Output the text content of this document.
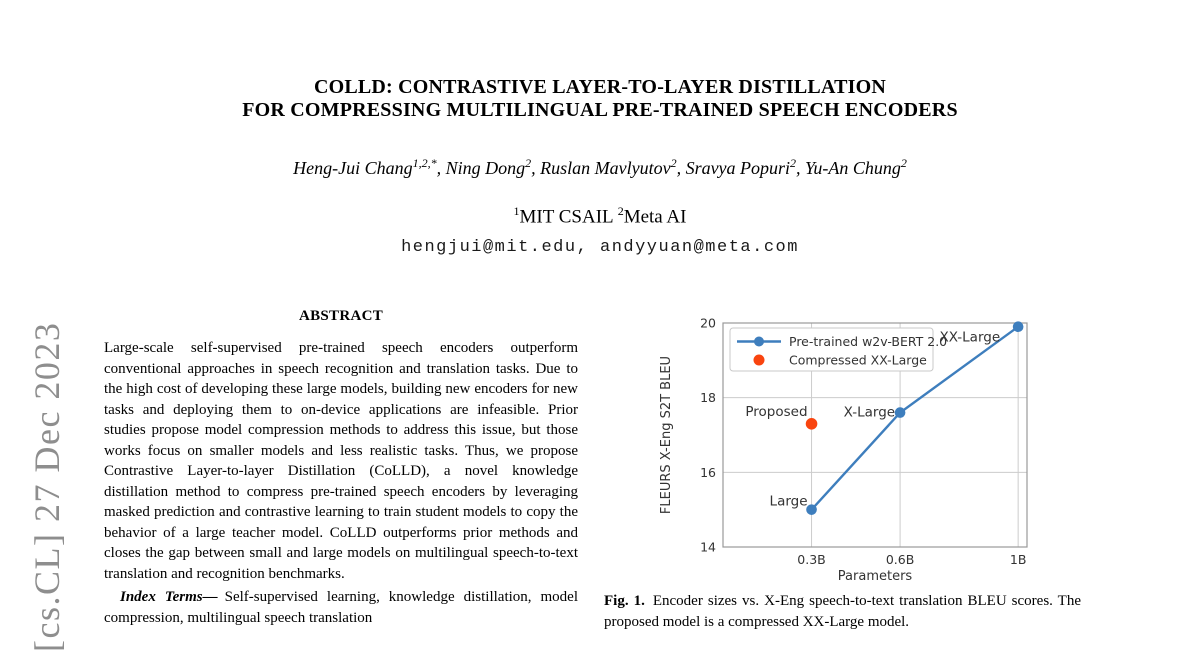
[cs.CL] 27 Dec 2023
COLLD: CONTRASTIVE LAYER-TO-LAYER DISTILLATION
FOR COMPRESSING MULTILINGUAL PRE-TRAINED SPEECH ENCODERS
Heng-Jui Chang$^{1,2,*}$, Ning Dong$^2$, Ruslan Mavlyutov$^2$, Sravya Popuri$^2$, Yu-An Chung$^2$
$^1$MIT CSAIL $^2$Meta AI
hengjui@mit.edu, andyyuan@meta.com
ABSTRACT

Large-scale self-supervised pre-trained speech encoders outperform conventional approaches in speech recognition and translation tasks. Due to the high cost of developing these large models, building new encoders for new tasks and deploying them to on-device applications are infeasible. Prior studies propose model compression methods to address this issue, but those works focus on smaller models and less realistic tasks. Thus, we propose Contrastive Layer-to-layer Distillation (CoLLD), a novel knowledge distillation method to compress pre-trained speech encoders by leveraging masked prediction and contrastive learning to train student models to copy the behavior of a large teacher model. CoLLD outperforms prior methods and closes the gap between small and large models on multilingual speech-to-text translation and recognition benchmarks.

Index Terms— Self-supervised learning, knowledge distillation, model compression, multilingual speech translation

Large
X-Large
XX-Large
Proposed
14
16
18
20
0.3B	0.6B	1B
Parameters
FLEURS X-Eng S2T BLEU
Pre-trained w2v-BERT 2.0
Compressed XX-Large

Fig. 1. Encoder sizes vs. X-Eng speech-to-text translation BLEU scores. The proposed model is a compressed XX-Large model.
